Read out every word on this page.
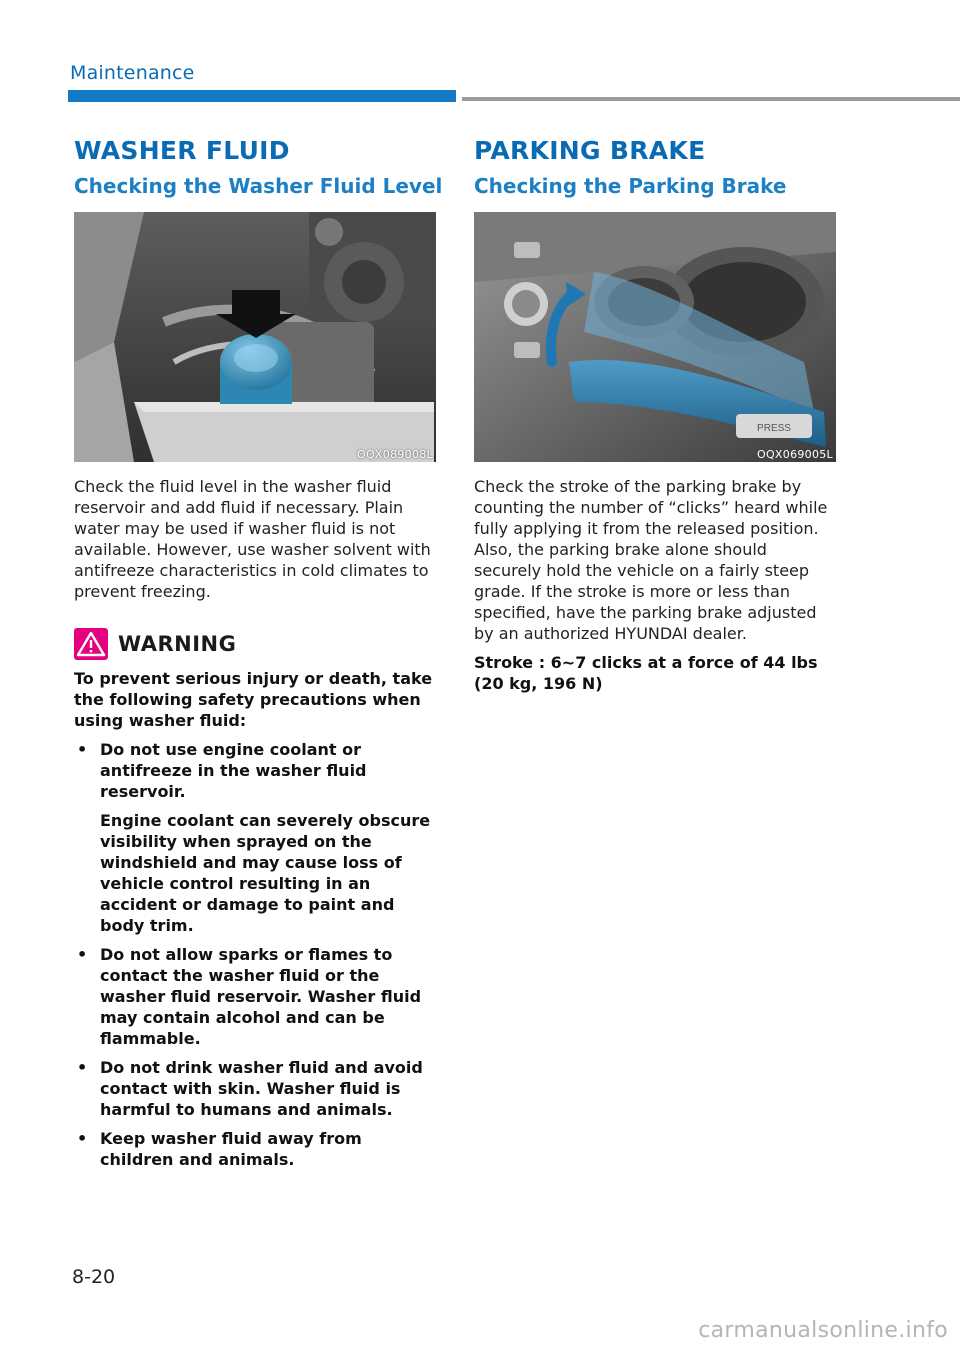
Maintenance
WASHER FLUID
Checking the Washer Fluid Level
OQX089008L

Check the fluid level in the washer fluid reservoir and add fluid if necessary. Plain water may be used if washer fluid is not available. However, use washer solvent with antifreeze characteristics in cold climates to prevent freezing.

WARNING

To prevent serious injury or death, take the following safety precautions when using washer fluid:

• Do not use engine coolant or antifreeze in the washer fluid reservoir.
Engine coolant can severely obscure visibility when sprayed on the windshield and may cause loss of vehicle control resulting in an accident or damage to paint and body trim.
• Do not allow sparks or flames to contact the washer fluid or the washer fluid reservoir. Washer fluid may contain alcohol and can be flammable.
• Do not drink washer fluid and avoid contact with skin. Washer fluid is harmful to humans and animals.
• Keep washer fluid away from children and animals.
PARKING BRAKE
Checking the Parking Brake
PRESS
OQX069005L

Check the stroke of the parking brake by counting the number of “clicks” heard while fully applying it from the released position. Also, the parking brake alone should securely hold the vehicle on a fairly steep grade. If the stroke is more or less than specified, have the parking brake adjusted by an authorized HYUNDAI dealer.

Stroke : 6~7 clicks at a force of 44 lbs (20 kg, 196 N)

8-20
carmanualsonline.info
